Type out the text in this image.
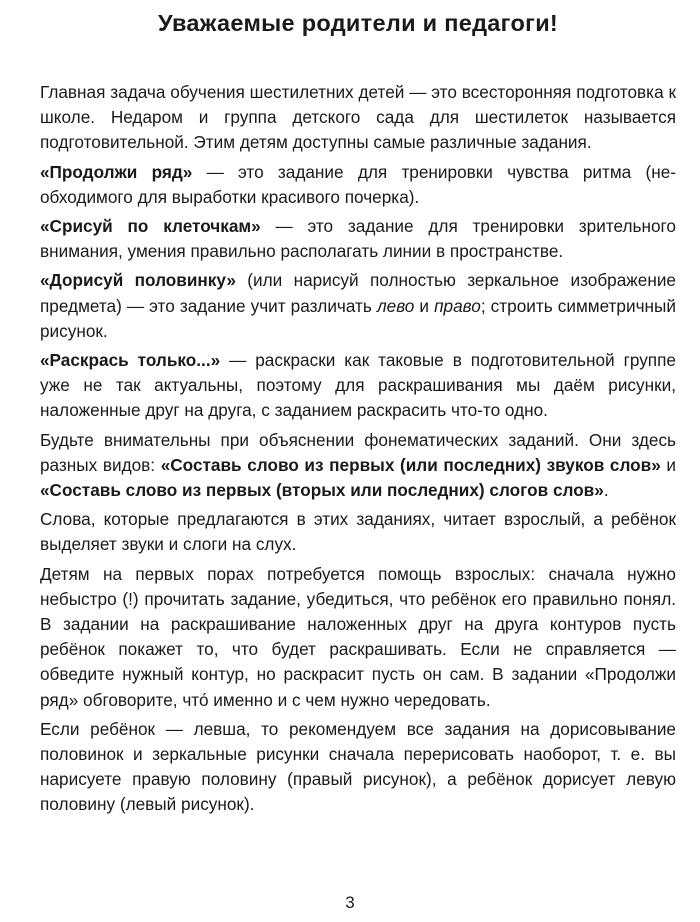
Уважаемые родители и педагоги!

Главная задача обучения шестилетних детей — это всесторонняя подготовка к школе. Недаром и группа детского сада для шестилеток называется подготовительной. Этим детям доступны самые различные задания.

«Продолжи ряд» — это задание для тренировки чувства ритма (необходимого для выработки красивого почерка).

«Срисуй по клеточкам» — это задание для тренировки зрительного внимания, умения правильно располагать линии в пространстве.

«Дорисуй половинку» (или нарисуй полностью зеркальное изображение предмета) — это задание учит различать лево и право; строить симметричный рисунок.

«Раскрась только...» — раскраски как таковые в подготовительной группе уже не так актуальны, поэтому для раскрашивания мы даём рисунки, наложенные друг на друга, с заданием раскрасить что-то одно.

Будьте внимательны при объяснении фонематических заданий. Они здесь разных видов: «Составь слово из первых (или последних) звуков слов» и «Составь слово из первых (вторых или последних) слогов слов».

Слова, которые предлагаются в этих заданиях, читает взрослый, а ребёнок выделяет звуки и слоги на слух.

Детям на первых порах потребуется помощь взрослых: сначала нужно небыстро (!) прочитать задание, убедиться, что ребёнок его правильно понял. В задании на раскрашивание наложенных друг на друга контуров пусть ребёнок покажет то, что будет раскрашивать. Если не справляется — обведите нужный контур, но раскрасит пусть он сам. В задании «Продолжи ряд» обговорите, что́ именно и с чем нужно чередовать.

Если ребёнок — левша, то рекомендуем все задания на дорисовывание половинок и зеркальные рисунки сначала перерисовать наоборот, т. е. вы нарисуете правую половину (правый рисунок), а ребёнок дорисует левую половину (левый рисунок).

3
